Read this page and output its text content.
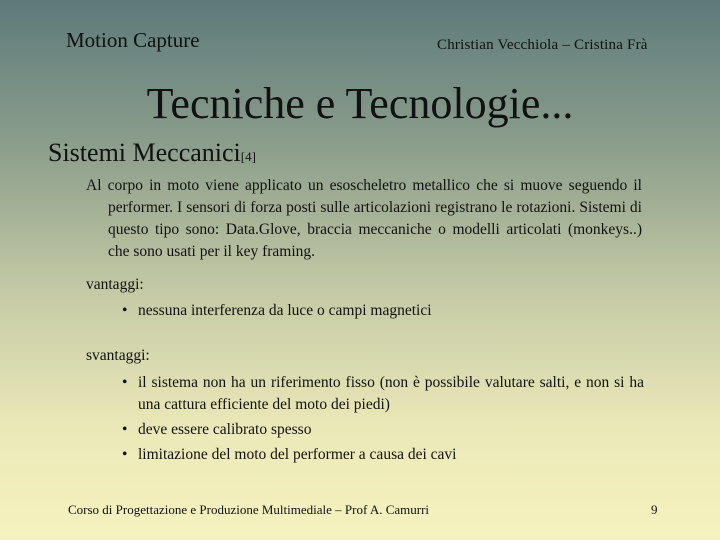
Motion Capture	Christian Vecchiola – Cristina Frà
Tecniche e Tecnologie...
Sistemi Meccanici[4]
Al corpo in moto viene applicato un esoscheletro metallico che si muove seguendo il performer. I sensori di forza posti sulle articolazioni registrano le rotazioni. Sistemi di questo tipo sono: Data.Glove, braccia meccaniche o modelli articolati (monkeys..) che sono usati per il key framing.
vantaggi:
• nessuna interferenza da luce o campi magnetici
svantaggi:
• il sistema non ha un riferimento fisso (non è possibile valutare salti, e non si ha una cattura efficiente del moto dei piedi)
• deve essere calibrato spesso
• limitazione del moto del performer a causa dei cavi
Corso di Progettazione e Produzione Multimediale – Prof A. Camurri	9
